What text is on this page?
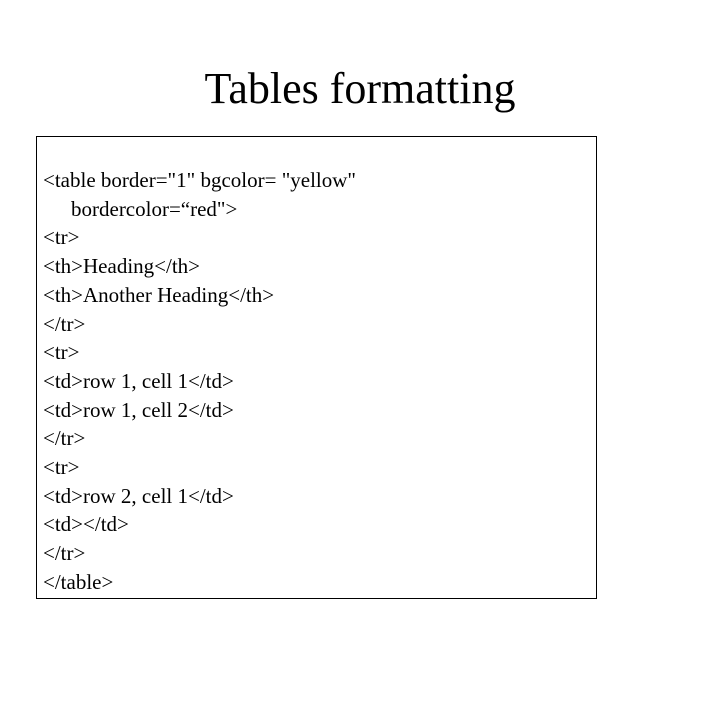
Tables formatting
<table border="1" bgcolor= "yellow"
bordercolor=“red">
<tr>
<th>Heading</th>
<th>Another Heading</th>
</tr>
<tr>
<td>row 1, cell 1</td>
<td>row 1, cell 2</td>
</tr>
<tr>
<td>row 2, cell 1</td>
<td></td>
</tr>
</table>
